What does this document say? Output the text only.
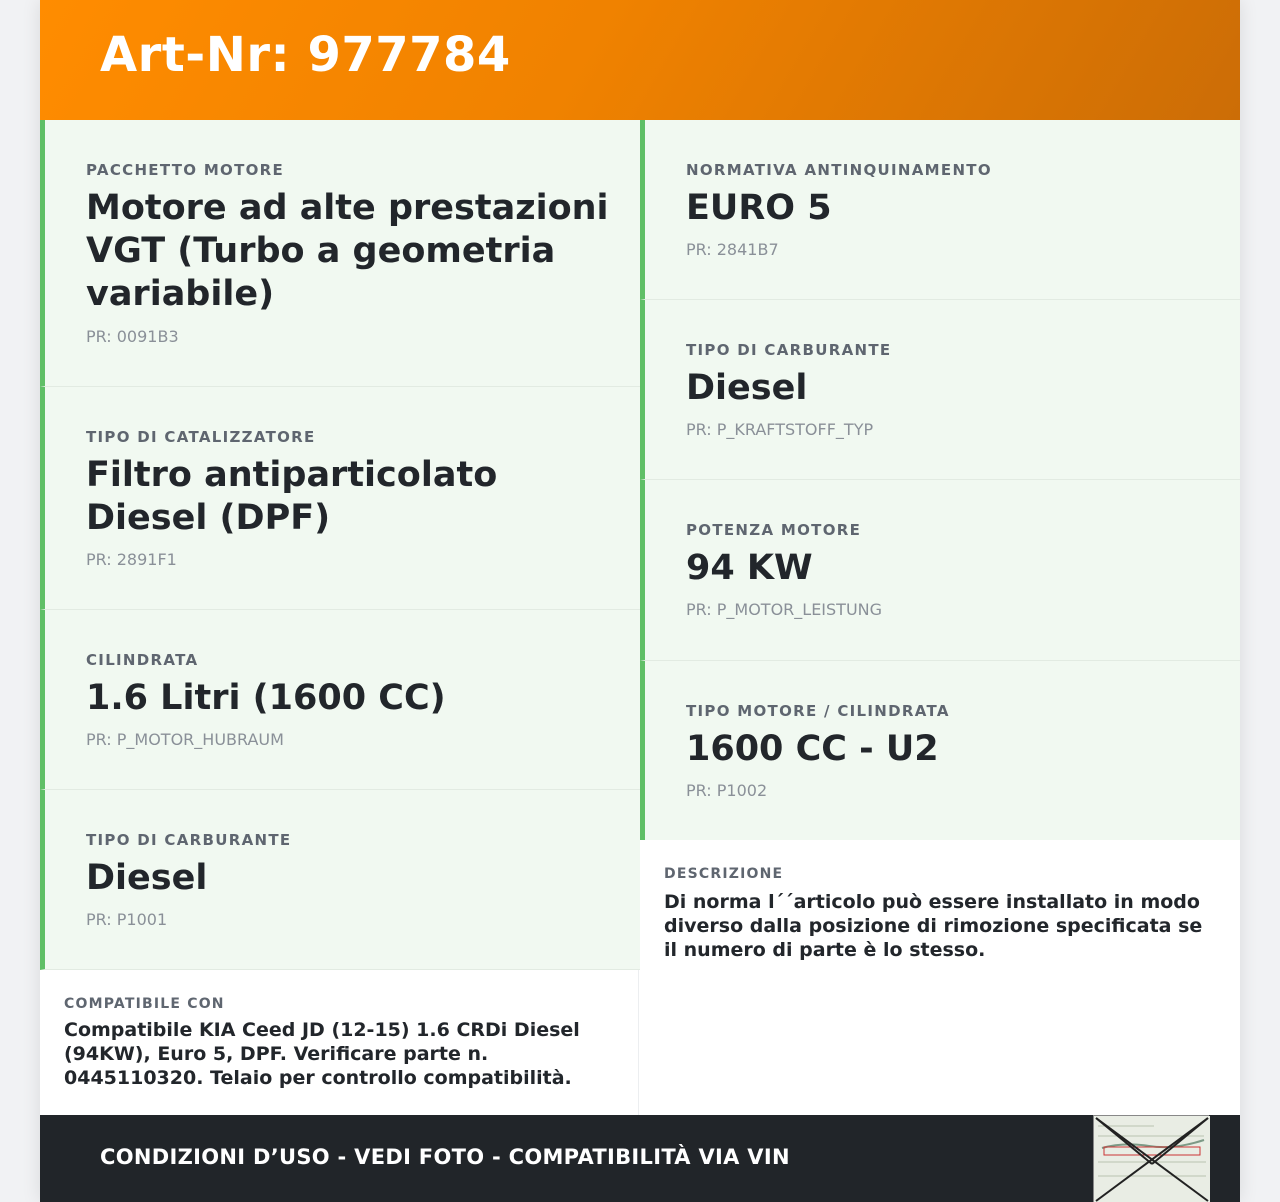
Art-Nr: 977784
PACCHETTO MOTORE
Motore ad alte prestazioni VGT (Turbo a geometria variabile)
PR: 0091B3
TIPO DI CATALIZZATORE
Filtro antiparticolato Diesel (DPF)
PR: 2891F1
CILINDRATA
1.6 Litri (1600 CC)
PR: P_MOTOR_HUBRAUM
TIPO DI CARBURANTE
Diesel
PR: P1001
NORMATIVA ANTINQUINAMENTO
EURO 5
PR: 2841B7
TIPO DI CARBURANTE
Diesel
PR: P_KRAFTSTOFF_TYP
POTENZA MOTORE
94 KW
PR: P_MOTOR_LEISTUNG
TIPO MOTORE / CILINDRATA
1600 CC - U2
PR: P1002
COMPATIBILE CON
Compatibile KIA Ceed JD (12-15) 1.6 CRDi Diesel (94KW), Euro 5, DPF. Verificare parte n. 0445110320. Telaio per controllo compatibilità.
DESCRIZIONE
Di norma l´´articolo può essere installato in modo diverso dalla posizione di rimozione specificata se il numero di parte è lo stesso.
CONDIZIONI D’USO - VEDI FOTO - COMPATIBILITÀ VIA VIN
